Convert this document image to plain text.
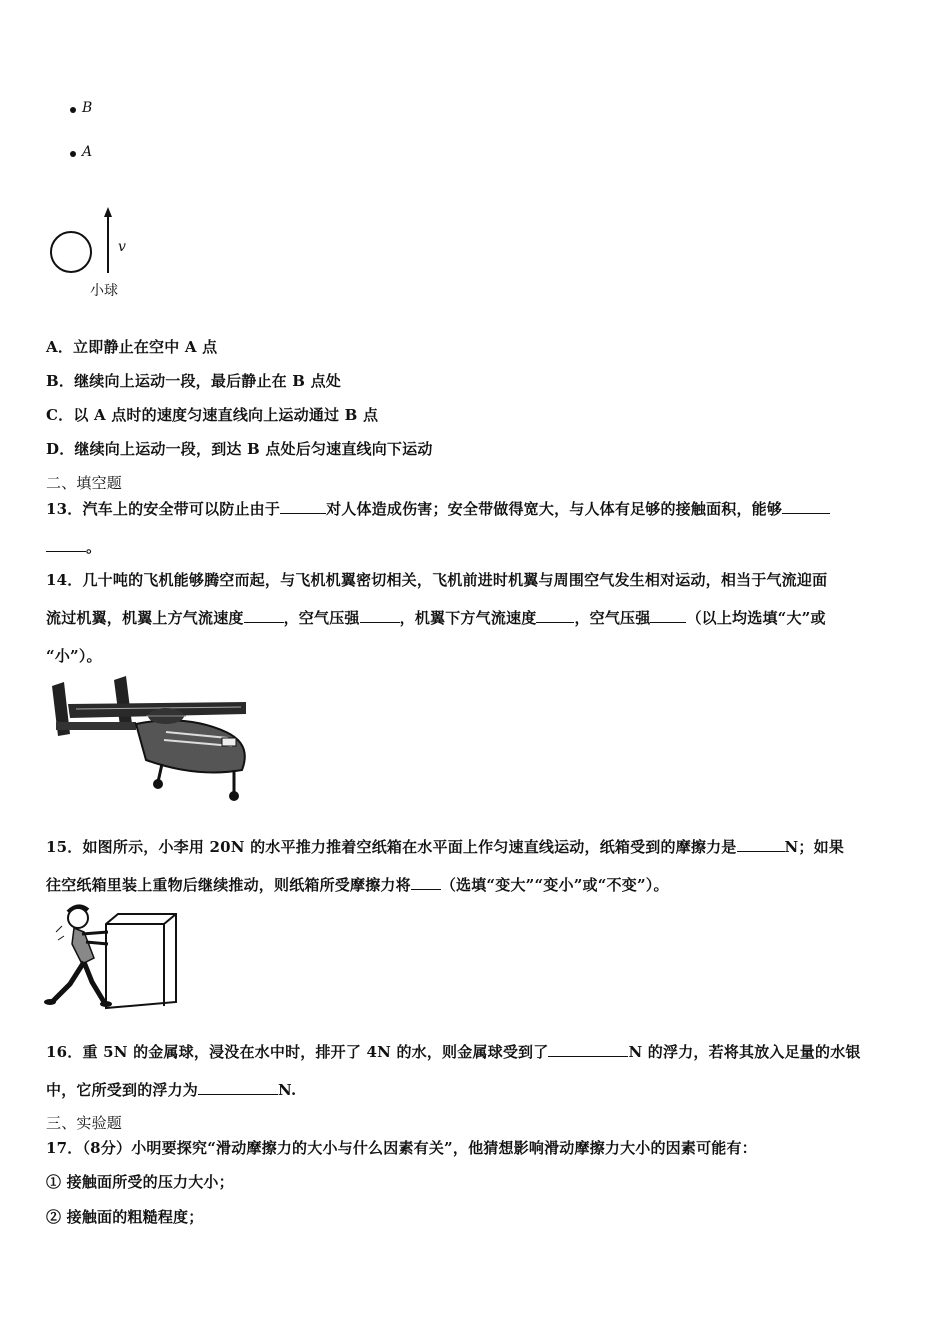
B
A
v
小球
A．立即静止在空中 A 点
B．继续向上运动一段，最后静止在 B 点处
C．以 A 点时的速度匀速直线向上运动通过 B 点
D．继续向上运动一段，到达 B 点处后匀速直线向下运动
二、填空题
13．汽车上的安全带可以防止由于	对人体造成伤害；安全带做得宽大，与人体有足够的接触面积，能够
。
14．几十吨的飞机能够腾空而起，与飞机机翼密切相关，飞机前进时机翼与周围空气发生相对运动，相当于气流迎面
流过机翼，机翼上方气流速度	，空气压强	，机翼下方气流速度	，空气压强 （以上均选填“大”或
“小”）。
15．如图所示，小李用 20N 的水平推力推着空纸箱在水平面上作匀速直线运动，纸箱受到的摩擦力是	N；如果
往空纸箱里装上重物后继续推动，则纸箱所受摩擦力将 （选填“变大”“变小”或“不变”）。
16．重 5N 的金属球，浸没在水中时，排开了 4N 的水，则金属球受到了	N 的浮力，若将其放入足量的水银
中，它所受到的浮力为	N.
三、实验题
17．（8分）小明要探究“滑动摩擦力的大小与什么因素有关”，他猜想影响滑动摩擦力大小的因素可能有：
① 接触面所受的压力大小；
② 接触面的粗糙程度；
